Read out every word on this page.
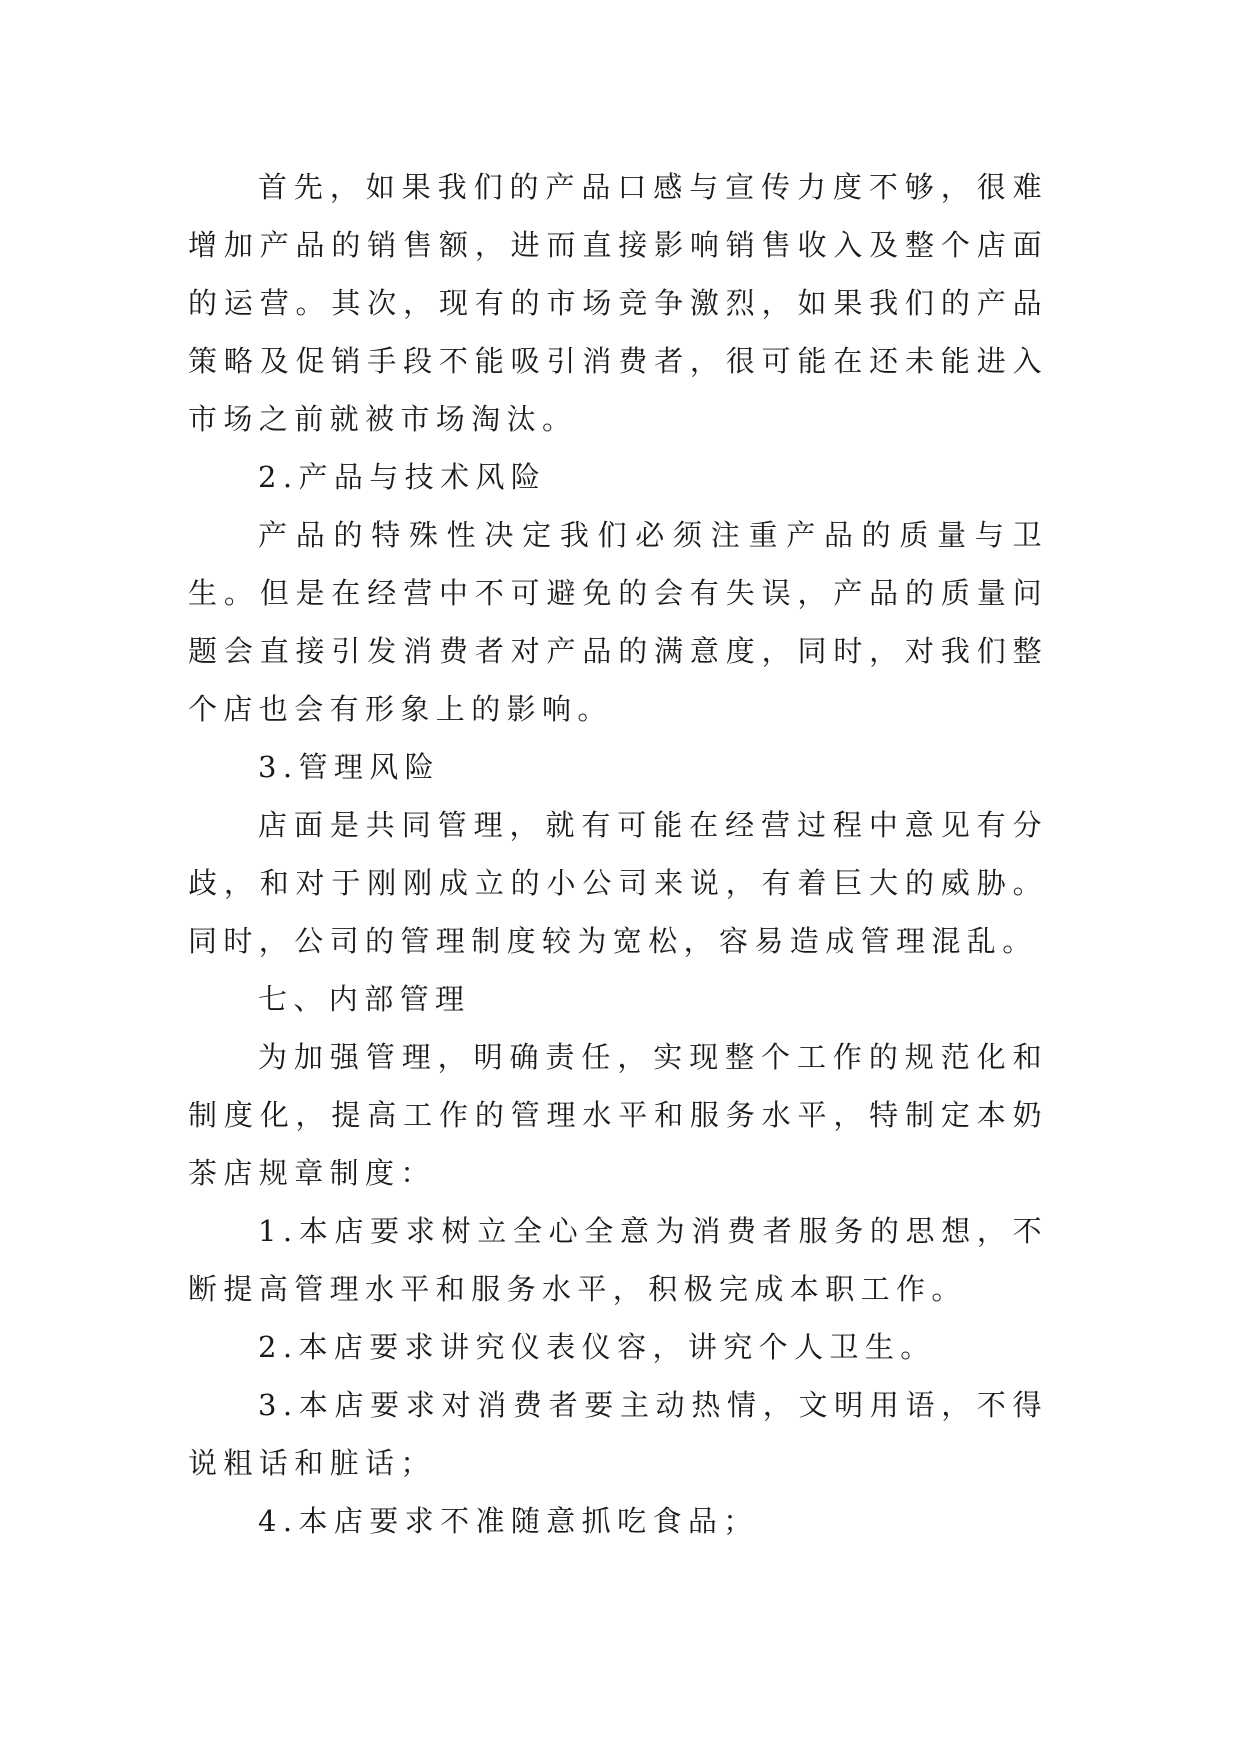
首先，如果我们的产品口感与宣传力度不够，很难增加产品的销售额，进而直接影响销售收入及整个店面的运营。其次，现有的市场竞争激烈，如果我们的产品策略及促销手段不能吸引消费者，很可能在还未能进入市场之前就被市场淘汰。

2.产品与技术风险

产品的特殊性决定我们必须注重产品的质量与卫生。但是在经营中不可避免的会有失误，产品的质量问题会直接引发消费者对产品的满意度，同时，对我们整个店也会有形象上的影响。

3.管理风险

店面是共同管理，就有可能在经营过程中意见有分歧，和对于刚刚成立的小公司来说，有着巨大的威胁。同时，公司的管理制度较为宽松，容易造成管理混乱。

七、内部管理

为加强管理，明确责任，实现整个工作的规范化和制度化，提高工作的管理水平和服务水平，特制定本奶茶店规章制度：

1.本店要求树立全心全意为消费者服务的思想，不断提高管理水平和服务水平，积极完成本职工作。

2.本店要求讲究仪表仪容，讲究个人卫生。

3.本店要求对消费者要主动热情，文明用语，不得说粗话和脏话；

4.本店要求不准随意抓吃食品；
